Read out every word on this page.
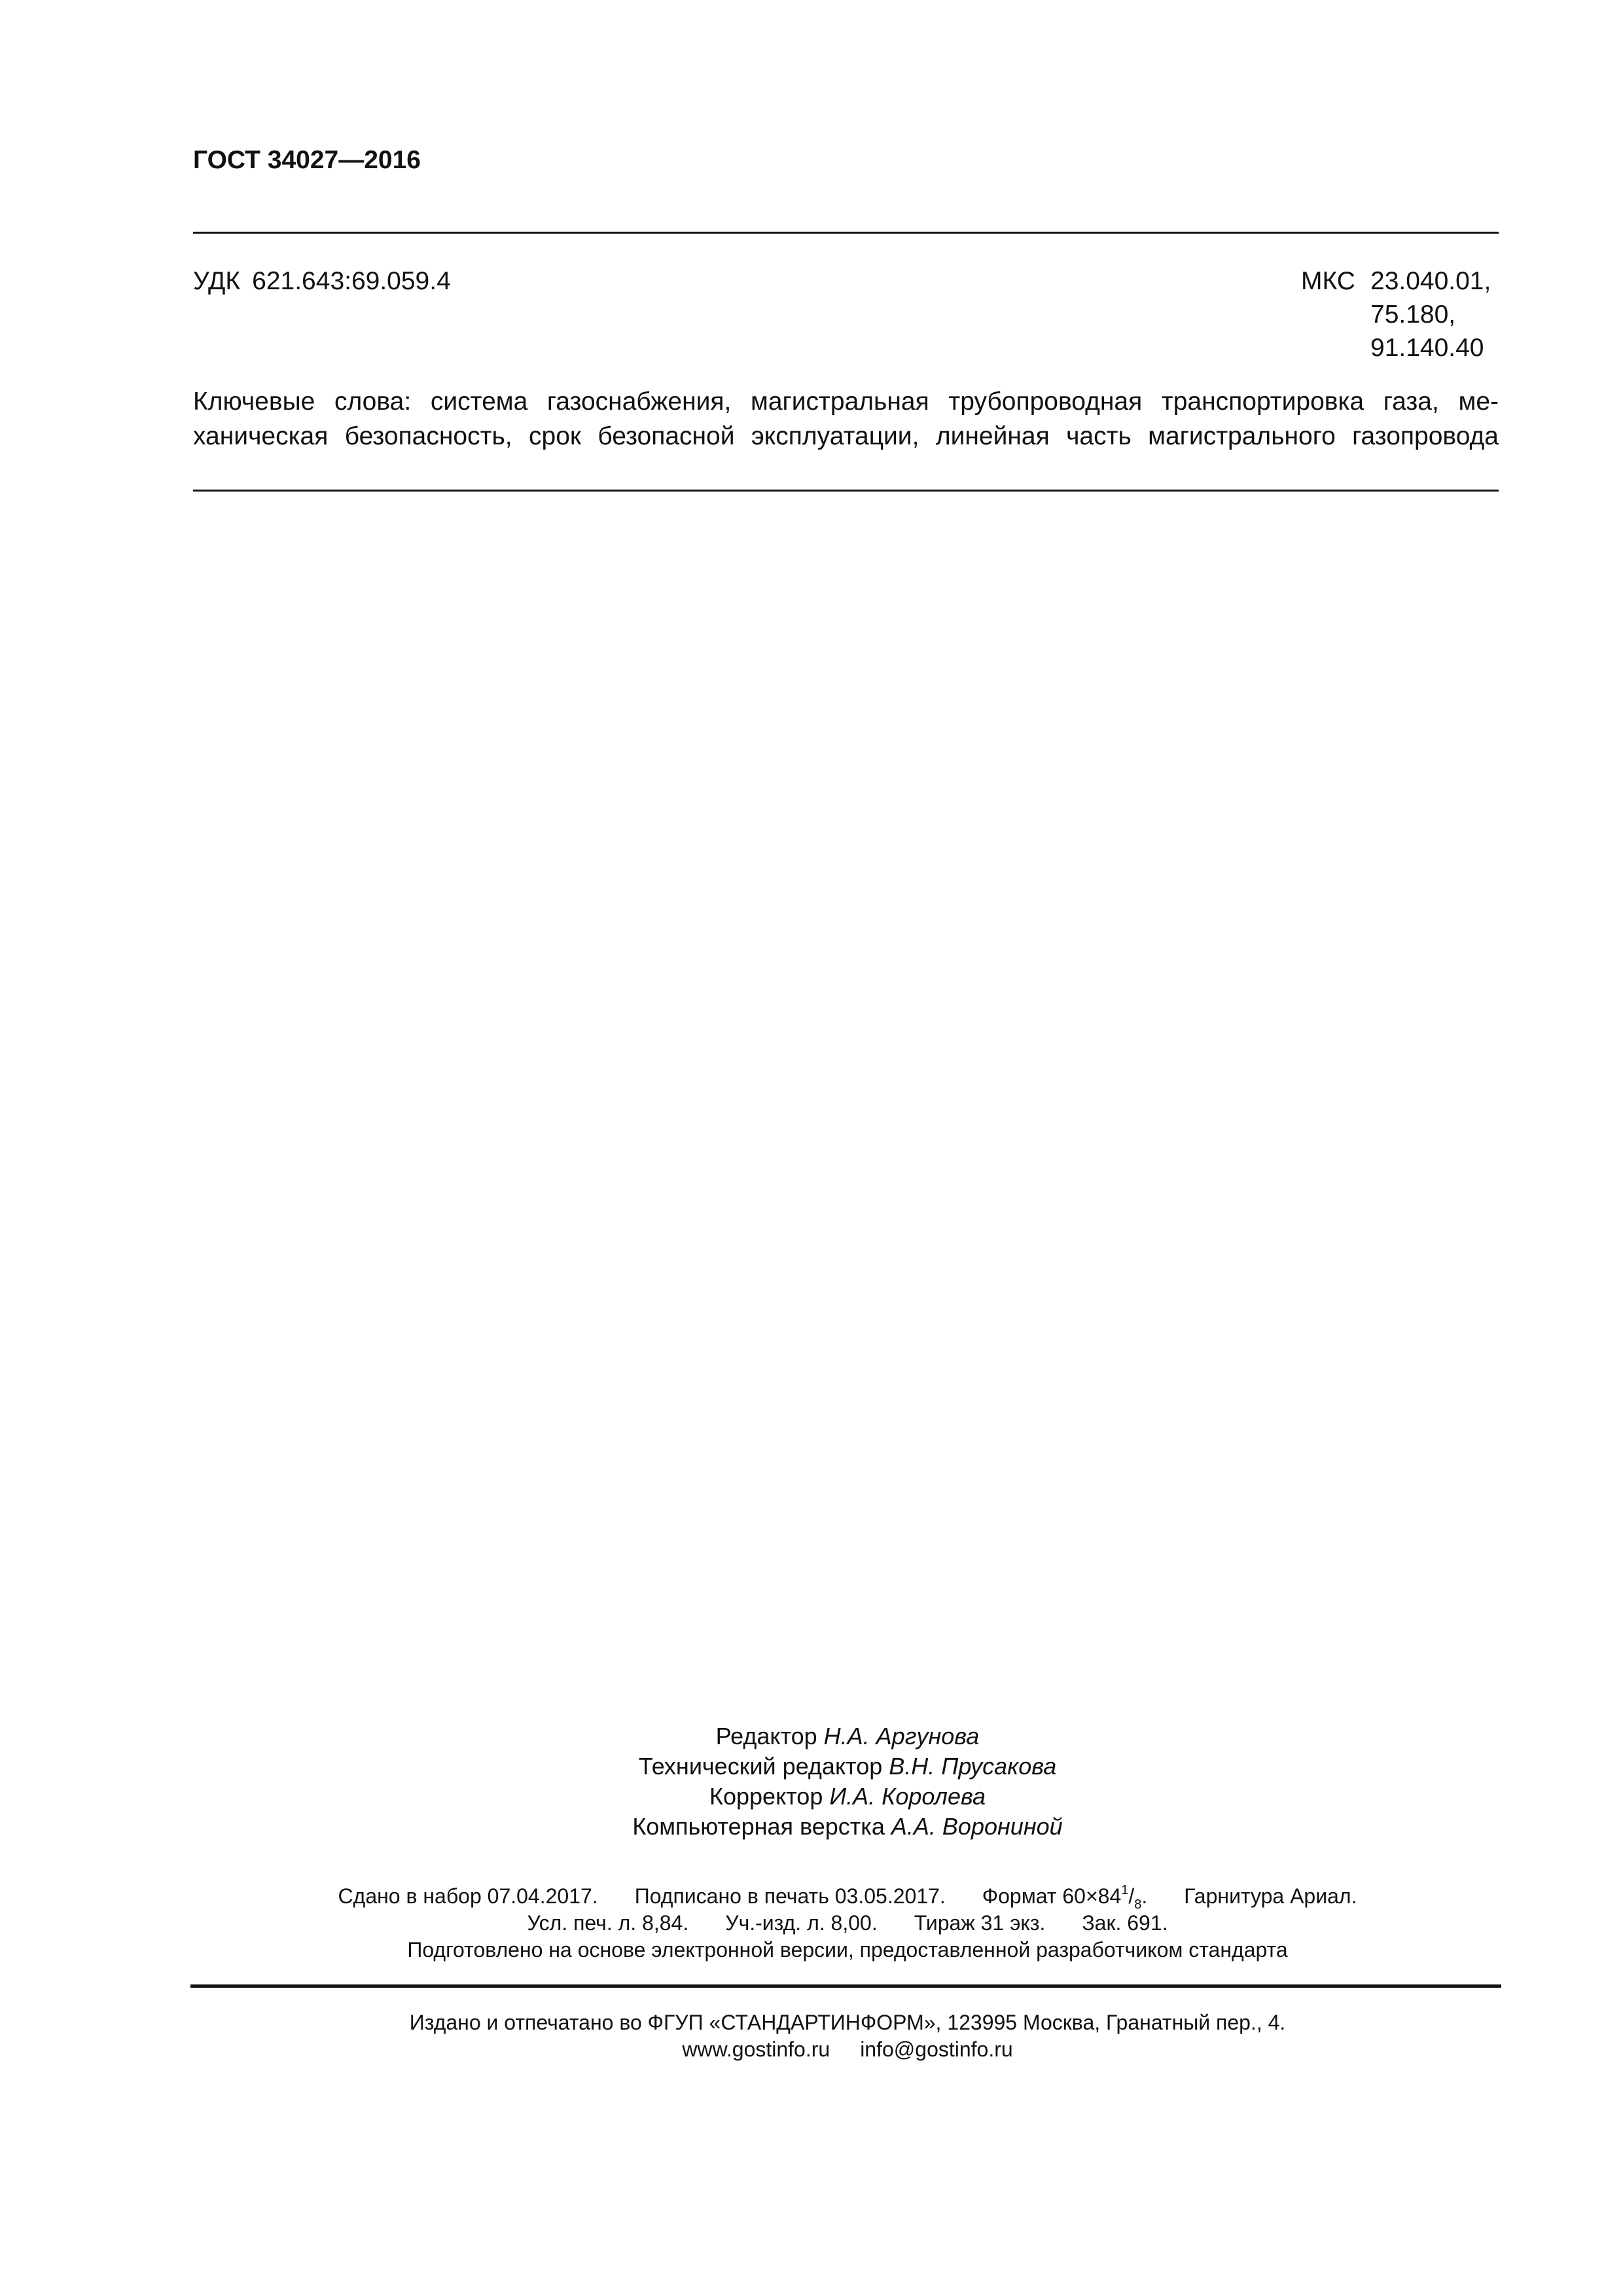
ГОСТ 34027—2016
УДК 621.643:69.059.4	МКС 23.040.01,
75.180,
91.140.40
Ключевые слова: система газоснабжения, магистральная трубопроводная транспортировка газа, ме-
ханическая безопасность, срок безопасной эксплуатации, линейная часть магистрального газопровода
Редактор Н.А. Аргунова
Технический редактор В.Н. Прусакова
Корректор И.А. Королева
Компьютерная верстка А.А. Ворониной
Сдано в набор 07.04.2017. Подписано в печать 03.05.2017. Формат $60\times 84^1/_8$. Гарнитура Ариал.
Усл. печ. л. 8,84. Уч.-изд. л. 8,00. Тираж 31 экз. Зак. 691.
Подготовлено на основе электронной версии, предоставленной разработчиком стандарта
Издано и отпечатано во ФГУП «СТАНДАРТИНФОРМ», 123995 Москва, Гранатный пер., 4.
www.gostinfo.ru info@gostinfo.ru
